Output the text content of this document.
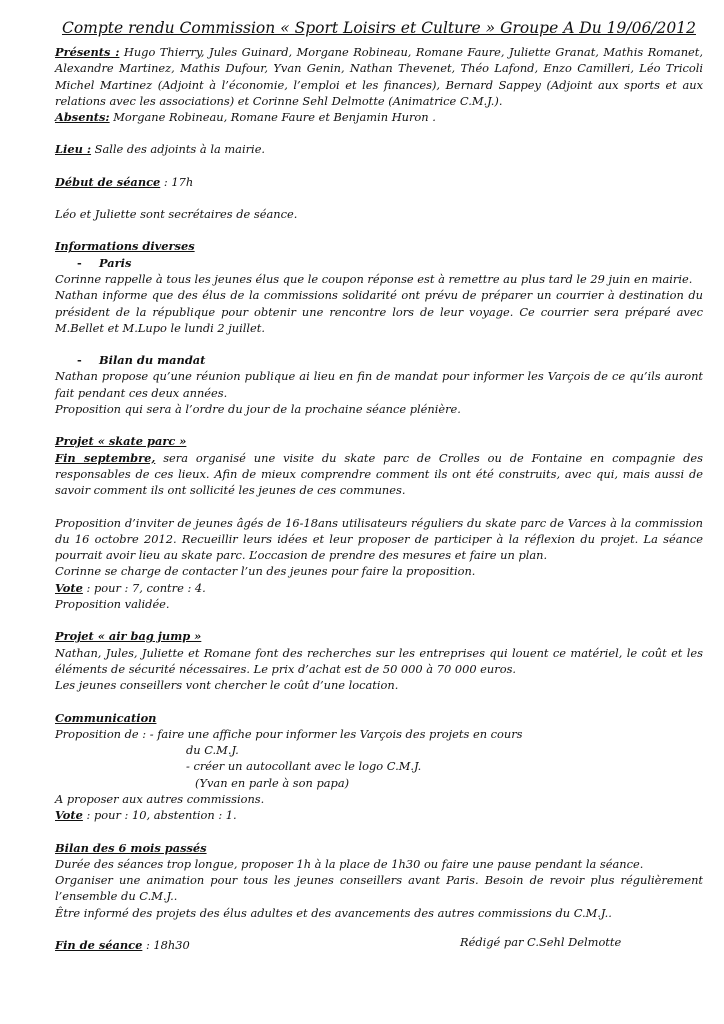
Compte rendu Commission « Sport Loisirs et Culture » Groupe A Du 19/06/2012

Présents : Hugo Thierry, Jules Guinard, Morgane Robineau, Romane Faure, Juliette Granat, Mathis Romanet, Alexandre Martinez, Mathis Dufour, Yvan Genin, Nathan Thevenet, Théo Lafond, Enzo Camilleri, Léo Tricoli Michel Martinez (Adjoint à l’économie, l’emploi et les finances), Bernard Sappey (Adjoint aux sports et aux relations avec les associations) et Corinne Sehl Delmotte (Animatrice C.M.J.).

Absents: Morgane Robineau, Romane Faure et Benjamin Huron .

Lieu : Salle des adjoints à la mairie.

Début de séance : 17h

Léo et Juliette sont secrétaires de séance.

Informations diverses

- Paris

Corinne rappelle à tous les jeunes élus que le coupon réponse est à remettre au plus tard le 29 juin en mairie.

Nathan informe que des élus de la commissions solidarité ont prévu de préparer un courrier à destination du président de la république pour obtenir une rencontre lors de leur voyage. Ce courrier sera préparé avec M.Bellet et M.Lupo le lundi 2 juillet.

- Bilan du mandat

Nathan propose qu’une réunion publique ai lieu en fin de mandat pour informer les Varçois de ce qu’ils auront fait pendant ces deux années.

Proposition qui sera à l’ordre du jour de la prochaine séance plénière.

Projet « skate parc »

Fin septembre, sera organisé une visite du skate parc de Crolles ou de Fontaine en compagnie des responsables de ces lieux. Afin de mieux comprendre comment ils ont été construits, avec qui, mais aussi de savoir comment ils ont sollicité les jeunes de ces communes.

Proposition d’inviter de jeunes âgés de 16-18ans utilisateurs réguliers du skate parc de Varces à la commission du 16 octobre 2012. Recueillir leurs idées et leur proposer de participer à la réflexion du projet. La séance pourrait avoir lieu au skate parc. L’occasion de prendre des mesures et faire un plan.

Corinne se charge de contacter l’un des jeunes pour faire la proposition.

Vote : pour : 7, contre : 4.

Proposition validée.

Projet « air bag jump »

Nathan, Jules, Juliette et Romane font des recherches sur les entreprises qui louent ce matériel, le coût et les éléments de sécurité nécessaires. Le prix d’achat est de 50 000 à 70 000 euros.

Les jeunes conseillers vont chercher le coût d’une location.

Communication

Proposition de : - faire une affiche pour informer les Varçois des projets en cours

du C.M.J.

- créer un autocollant avec le logo C.M.J.

(Yvan en parle à son papa)

A proposer aux autres commissions.

Vote : pour : 10, abstention : 1.

Bilan des 6 mois passés

Durée des séances trop longue, proposer 1h à la place de 1h30 ou faire une pause pendant la séance.

Organiser une animation pour tous les jeunes conseillers avant Paris. Besoin de revoir plus régulièrement l’ensemble du C.M.J..

Être informé des projets des élus adultes et des avancements des autres commissions du C.M.J..

Fin de séance : 18h30	Rédigé par C.Sehl Delmotte
